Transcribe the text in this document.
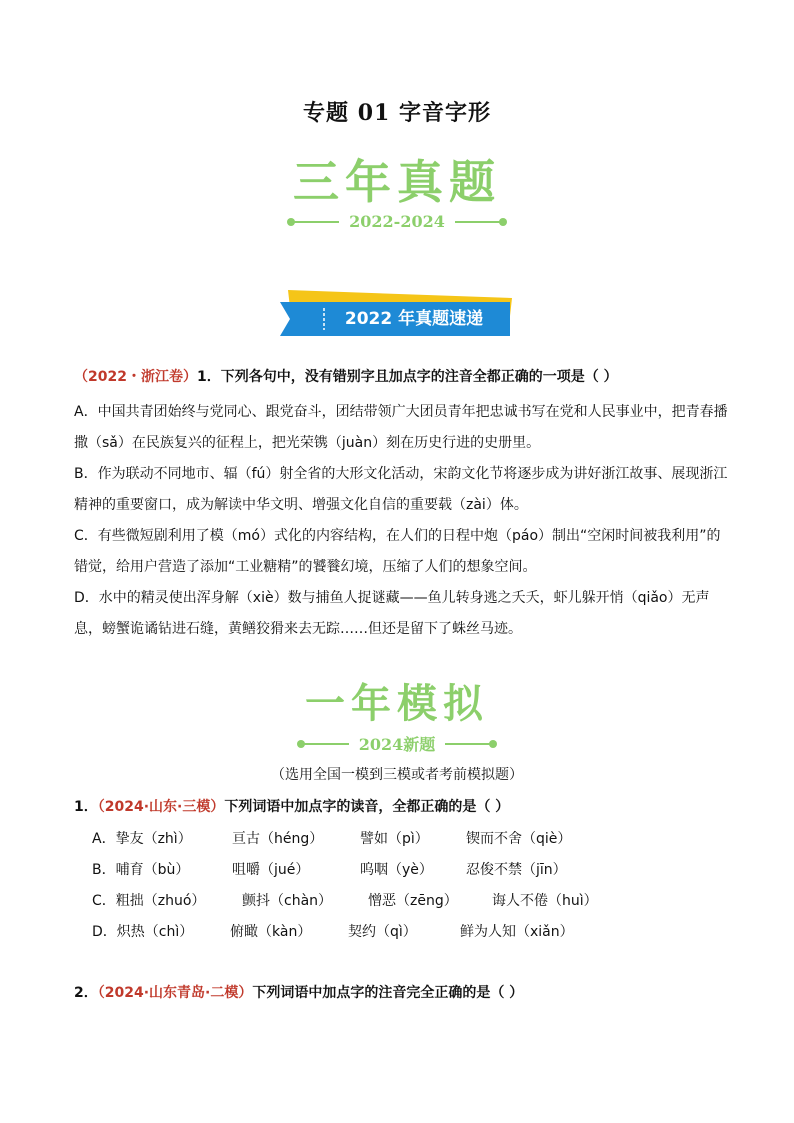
专题 01 字音字形
三年真题
2022-2024
2022 年真题速递
（2022・浙江卷）1．下列各句中，没有错别字且加点字的注音全都正确的一项是（ ）

A．中国共青团始终与党同心、跟党奋斗，团结带领广大团员青年把忠诚书写在党和人民事业中，把青春播撒（sǎ）在民族复兴的征程上，把光荣镌（juàn）刻在历史行进的史册里。

B．作为联动不同地市、辐（fú）射全省的大形文化活动，宋韵文化节将逐步成为讲好浙江故事、展现浙江精神的重要窗口，成为解读中华文明、增强文化自信的重要载（zài）体。

C．有些微短剧利用了模（mó）式化的内容结构，在人们的日程中炮（páo）制出“空闲时间被我利用”的错觉，给用户营造了添加“工业糖精”的饕餮幻境，压缩了人们的想象空间。

D．水中的精灵使出浑身解（xiè）数与捕鱼人捉谜藏——鱼儿转身逃之夭夭，虾儿躲开悄（qiǎo）无声息，螃蟹诡谲钻进石缝，黄鳝狡猾来去无踪……但还是留下了蛛丝马迹。

一年模拟
2024新题
（选用全国一模到三模或者考前模拟题）
1．（2024·山东·三模）下列词语中加点字的读音，全都正确的是（ ）
A．挚友（zhì）	亘古（héng）	譬如（pì）	锲而不舍（qiè）
B．哺育（bù）	咀嚼（jué）	呜咽（yè）	忍俊不禁（jīn）
C．粗拙（zhuó）	颤抖（chàn）	憎恶（zēng）	诲人不倦（huì）
D．炽热（chì）	俯瞰（kàn）	契约（qì）	鲜为人知（xiǎn）
2．（2024·山东青岛·二模）下列词语中加点字的注音完全正确的是（ ）
